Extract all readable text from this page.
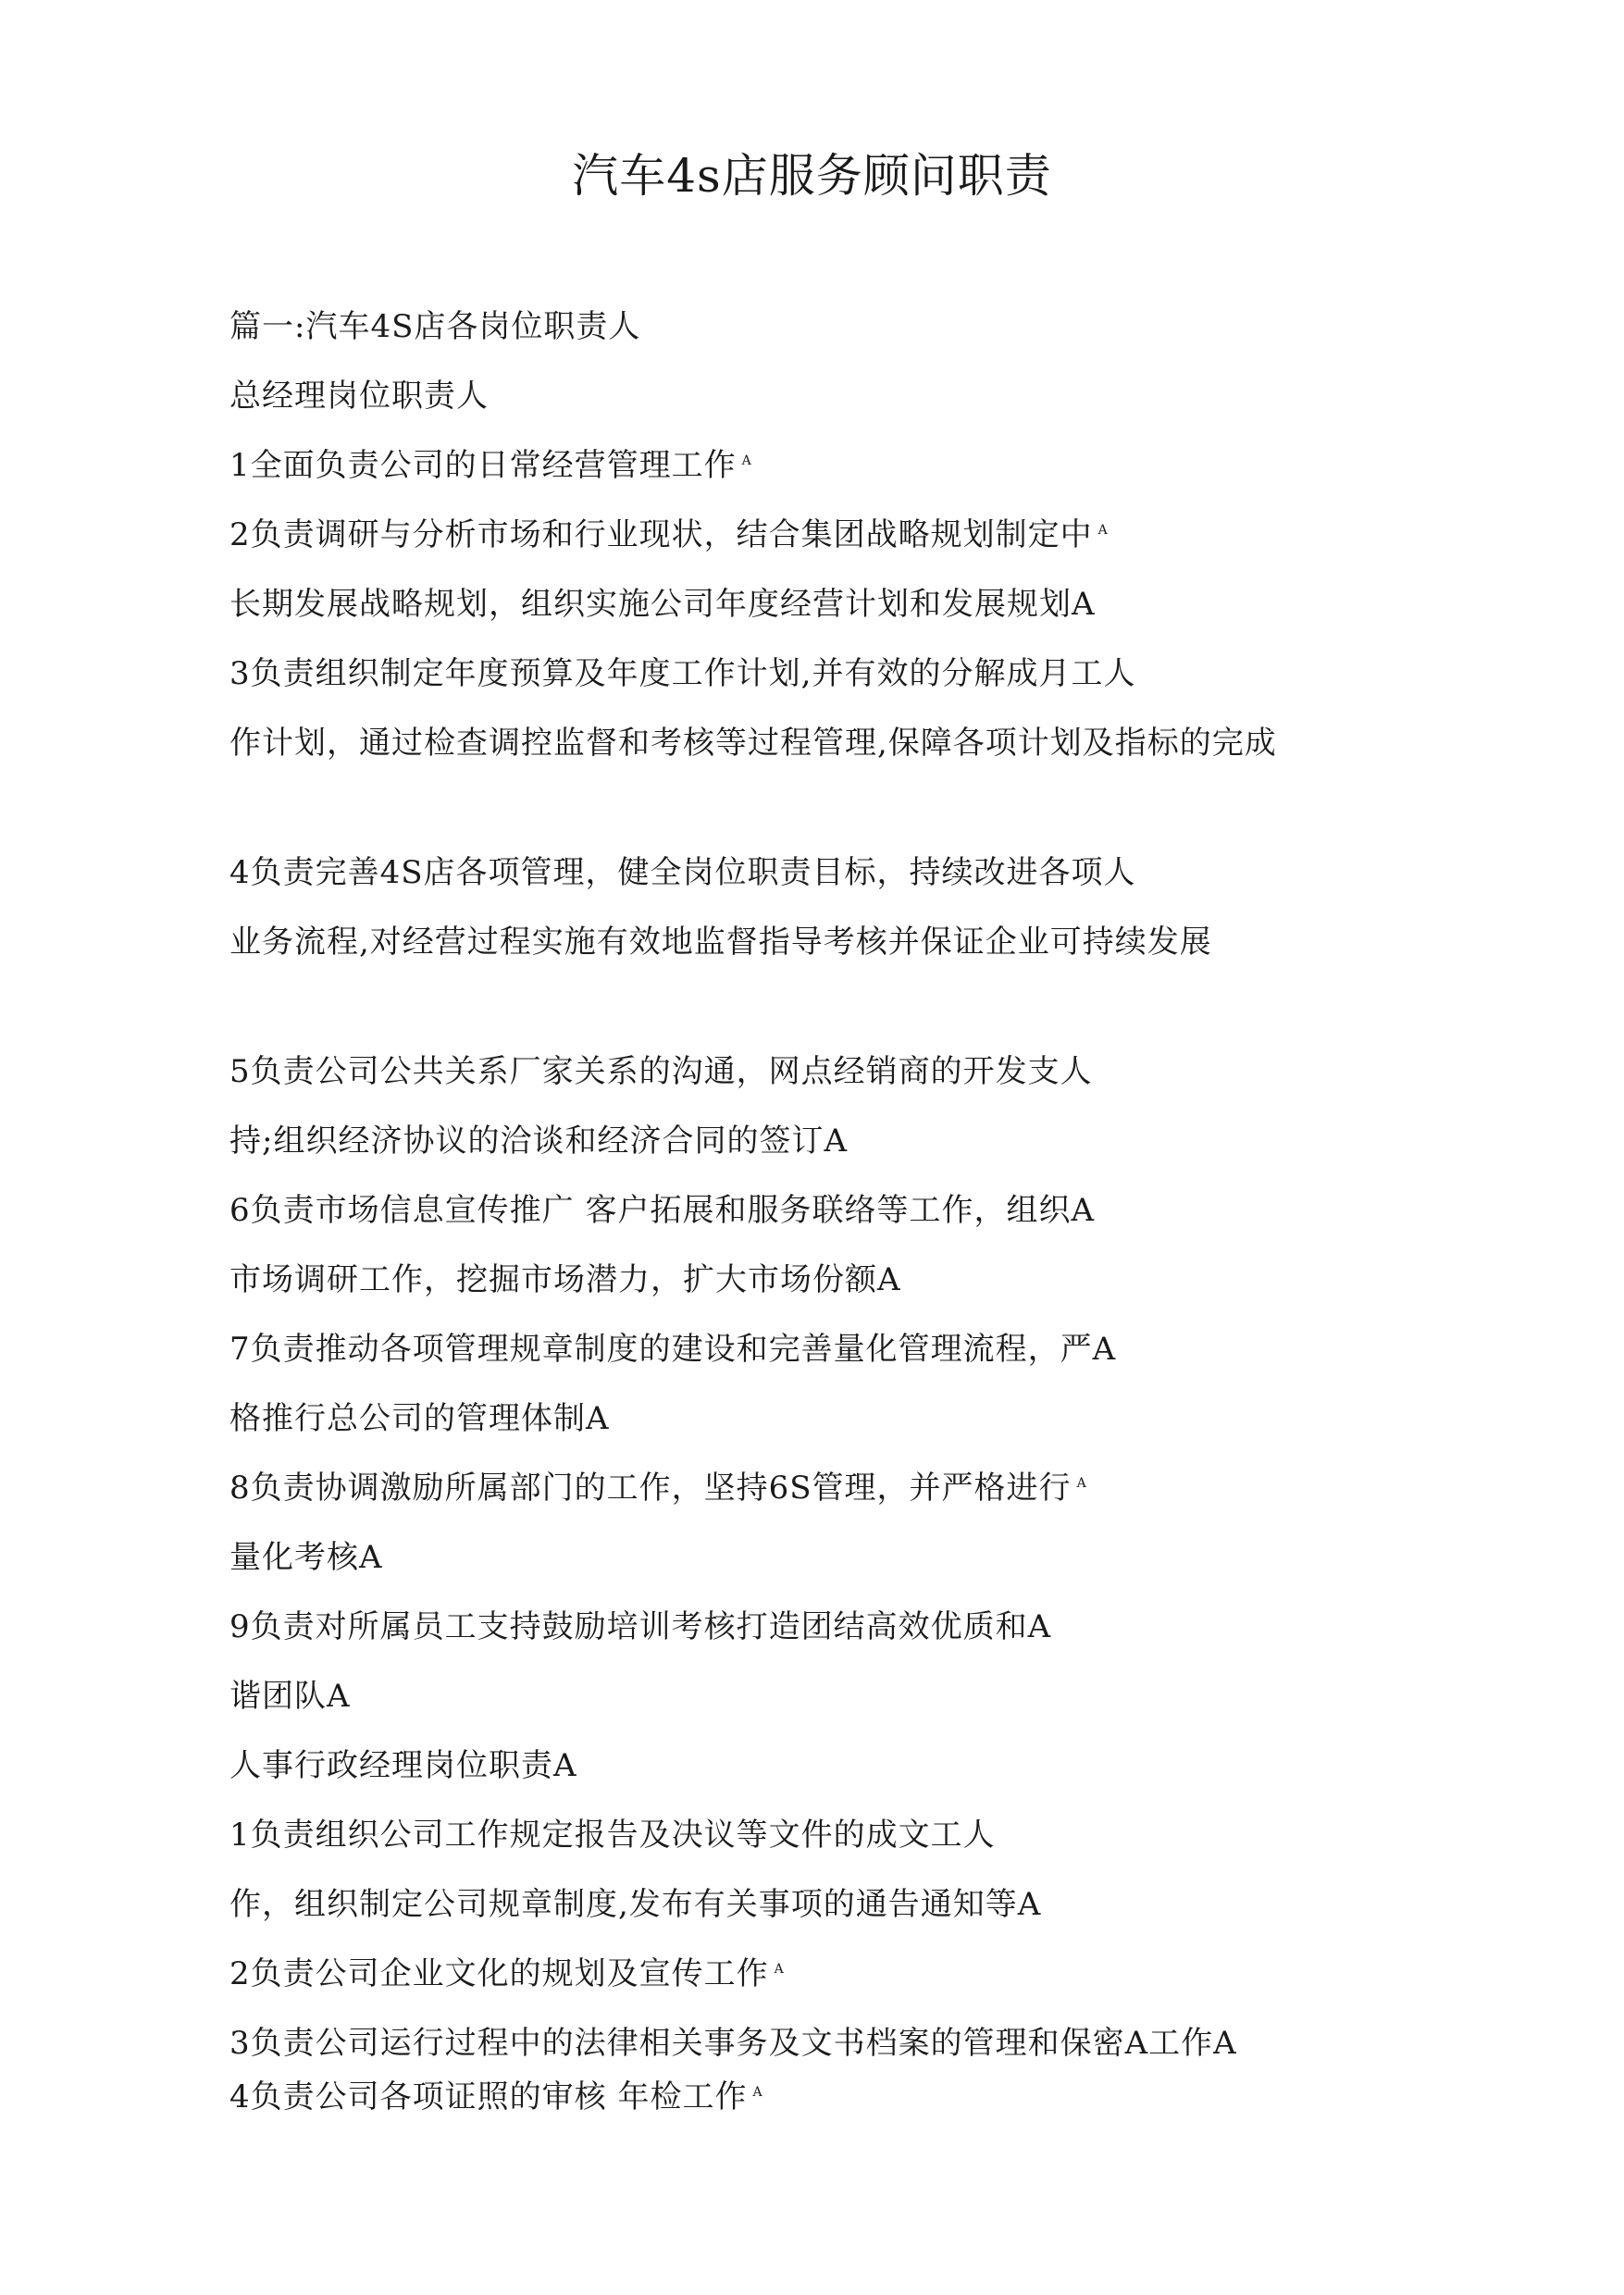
汽车4s店服务顾问职责
篇一:汽车4S店各岗位职责人
总经理岗位职责人
1全面负责公司的日常经营管理工作 $^A$
2负责调研与分析市场和行业现状，结合集团战略规划制定中 $^A$
长期发展战略规划，组织实施公司年度经营计划和发展规划A
3负责组织制定年度预算及年度工作计划,并有效的分解成月工人
作计划，通过检查调控监督和考核等过程管理,保障各项计划及指标的完成
4负责完善4S店各项管理，健全岗位职责目标，持续改进各项人
业务流程,对经营过程实施有效地监督指导考核并保证企业可持续发展
5负责公司公共关系厂家关系的沟通，网点经销商的开发支人
持;组织经济协议的洽谈和经济合同的签订A
6负责市场信息宣传推广 客户拓展和服务联络等工作，组织A
市场调研工作，挖掘市场潜力，扩大市场份额A
7负责推动各项管理规章制度的建设和完善量化管理流程，严A
格推行总公司的管理体制A
8负责协调激励所属部门的工作，坚持6S管理，并严格进行 $^A$
量化考核A
9负责对所属员工支持鼓励培训考核打造团结高效优质和A
谐团队A
人事行政经理岗位职责A
1负责组织公司工作规定报告及决议等文件的成文工人
作，组织制定公司规章制度,发布有关事项的通告通知等A
2负责公司企业文化的规划及宣传工作 $^A$
3负责公司运行过程中的法律相关事务及文书档案的管理和保密A工作A
4负责公司各项证照的审核 年检工作 $^A$
